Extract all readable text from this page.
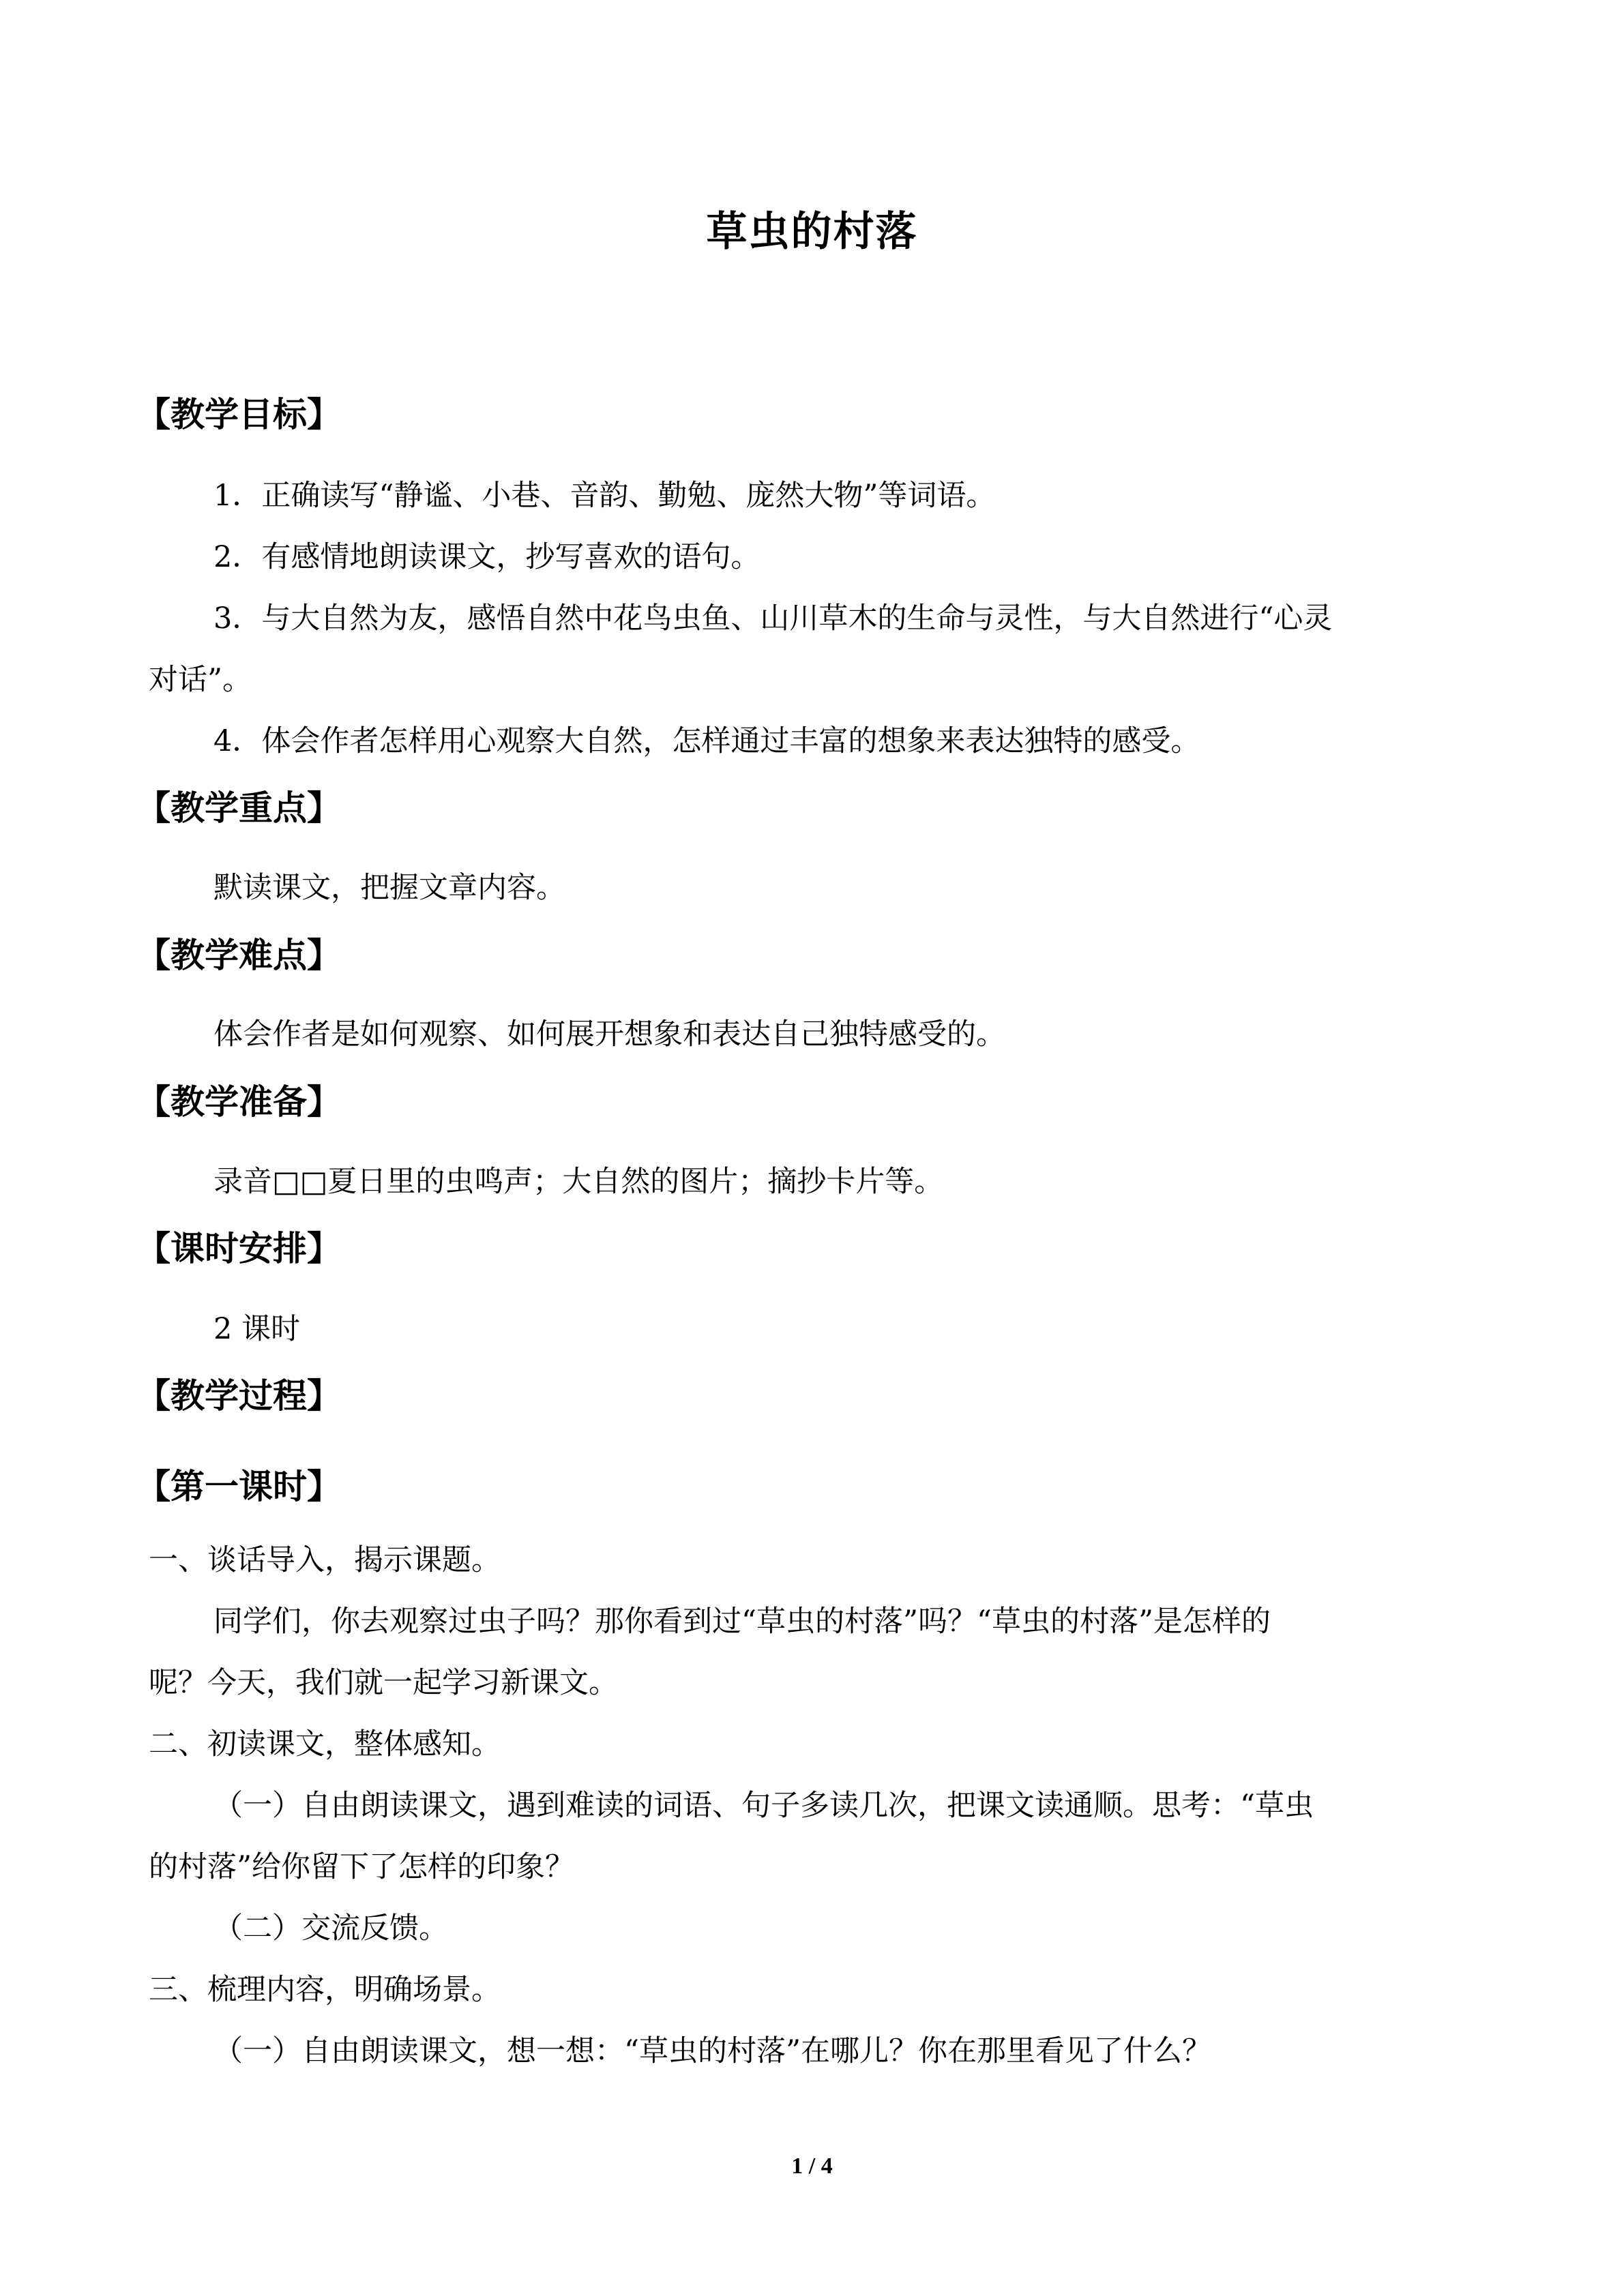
草虫的村落
【教学目标】
1．正确读写“静谧、小巷、音韵、勤勉、庞然大物”等词语。
2．有感情地朗读课文，抄写喜欢的语句。
3．与大自然为友，感悟自然中花鸟虫鱼、山川草木的生命与灵性，与大自然进行“心灵
对话”。
4．体会作者怎样用心观察大自然，怎样通过丰富的想象来表达独特的感受。
【教学重点】
默读课文，把握文章内容。
【教学难点】
体会作者是如何观察、如何展开想象和表达自己独特感受的。
【教学准备】
录音□□夏日里的虫鸣声；大自然的图片；摘抄卡片等。
【课时安排】
2 课时
【教学过程】
【第一课时】
一、谈话导入，揭示课题。
同学们，你去观察过虫子吗？那你看到过“草虫的村落”吗？“草虫的村落”是怎样的
呢？今天，我们就一起学习新课文。
二、初读课文，整体感知。
（一）自由朗读课文，遇到难读的词语、句子多读几次，把课文读通顺。思考：“草虫
的村落”给你留下了怎样的印象？
（二）交流反馈。
三、梳理内容，明确场景。
（一）自由朗读课文，想一想：“草虫的村落”在哪儿？你在那里看见了什么？
1 / 4
